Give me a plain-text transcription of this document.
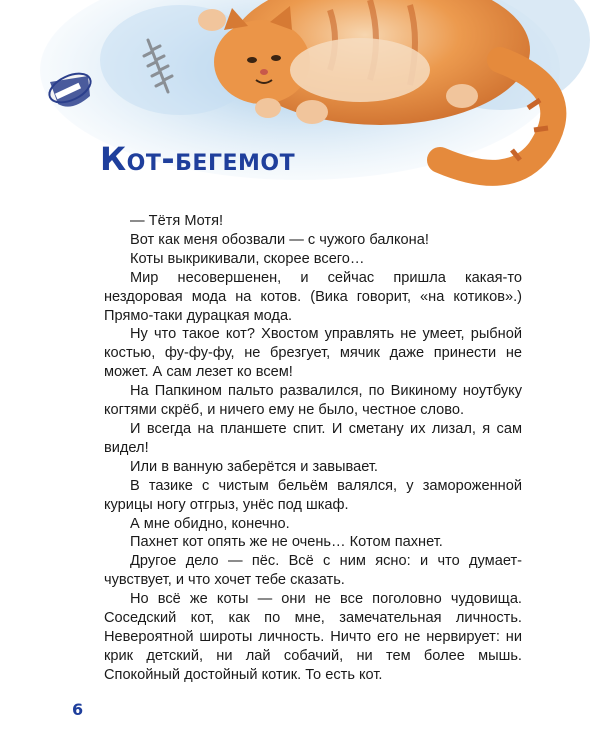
Кот-бегемот

— Тётя Мотя!

Вот как меня обозвали — с чужого балкона!

Коты выкрикивали, скорее всего…

Мир несовершенен, и сейчас пришла какая-то нездоровая мода на котов. (Вика говорит, «на котиков».) Прямо-таки дурацкая мода.

Ну что такое кот? Хвостом управлять не умеет, рыбной костью, фу-фу-фу, не брезгует, мячик даже принести не может. А сам лезет ко всем!

На Папкином пальто развалился, по Викиному ноутбуку когтями скрёб, и ничего ему не было, честное слово.

И всегда на планшете спит. И сметану их лизал, я сам видел!

Или в ванную заберётся и завывает.

В тазике с чистым бельём валялся, у замороженной курицы ногу отгрыз, унёс под шкаф.

А мне обидно, конечно.

Пахнет кот опять же не очень… Котом пахнет.

Другое дело — пёс. Всё с ним ясно: и что думает-чувствует, и что хочет тебе сказать.

Но всё же коты — они не все поголовно чудовища. Соседский кот, как по мне, замечательная личность. Невероятной широты личность. Ничто его не нервирует: ни крик детский, ни лай собачий, ни тем более мышь. Спокойный достойный котик. То есть кот.

6
